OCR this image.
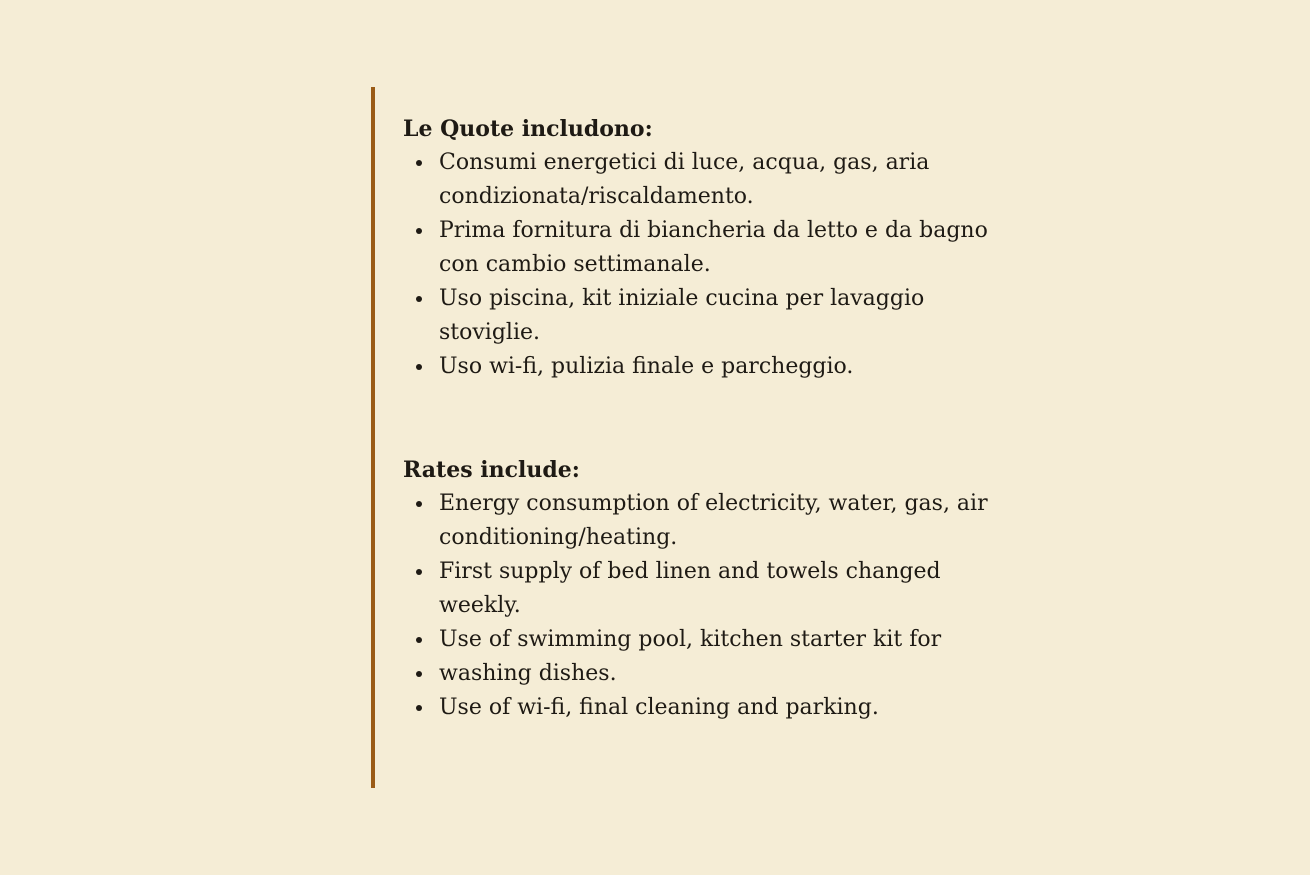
Le Quote includono:
Consumi energetici di luce, acqua, gas, aria condizionata/riscaldamento.
Prima fornitura di biancheria da letto e da bagno con cambio settimanale.
Uso piscina, kit iniziale cucina per lavaggio stoviglie.
Uso wi-fi, pulizia finale e parcheggio.
Rates include:
Energy consumption of electricity, water, gas, air conditioning/heating.
First supply of bed linen and towels changed weekly.
Use of swimming pool, kitchen starter kit for
washing dishes.
Use of wi-fi, final cleaning and parking.
